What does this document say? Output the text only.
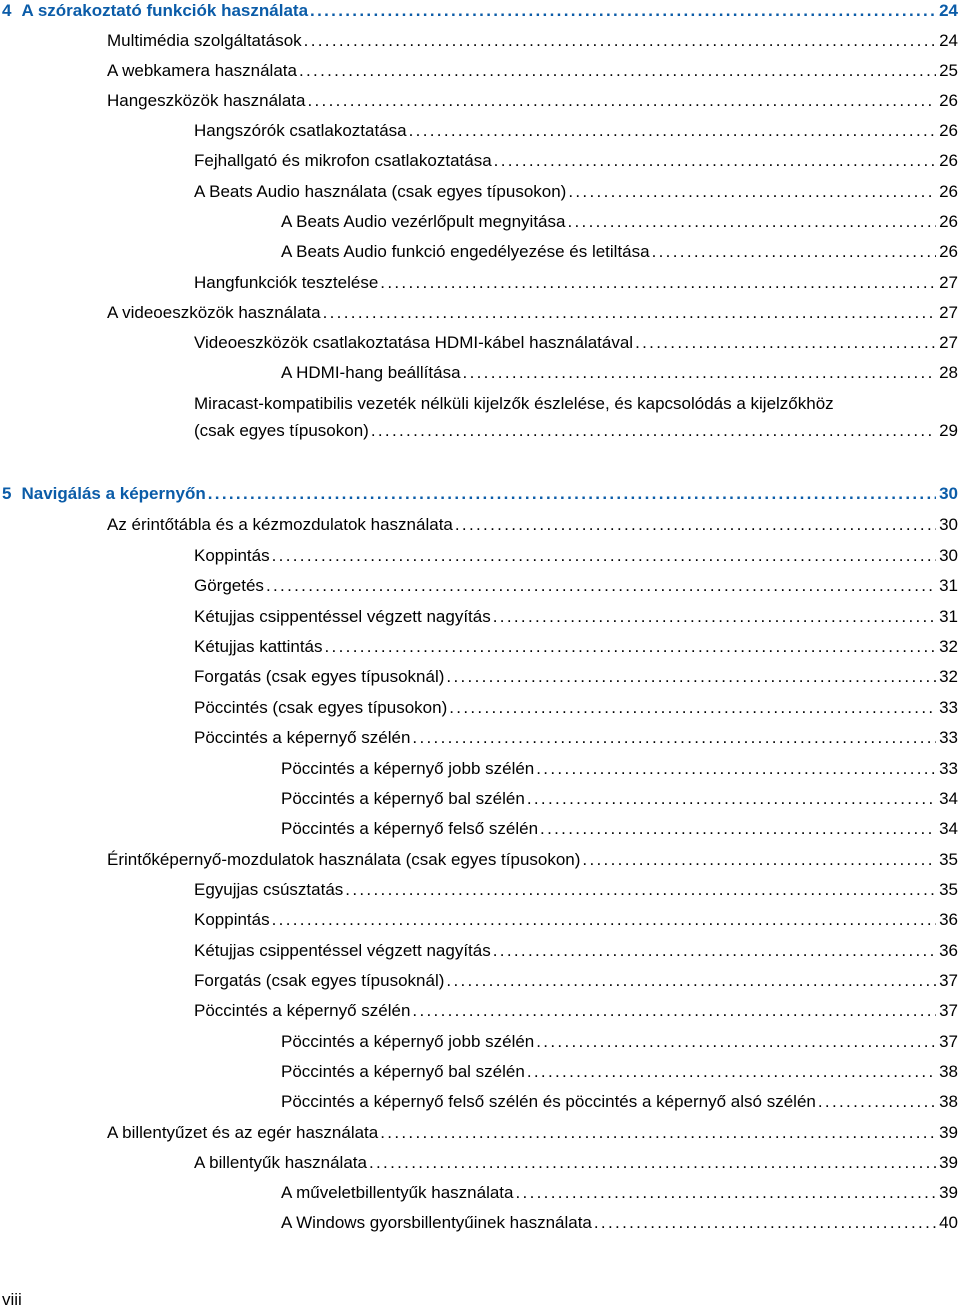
4 A szórakoztató funkciók használata . . .	24
Multimédia szolgáltatások . . .	24
A webkamera használata . . .	25
Hangeszközök használata . . .	26
Hangszórók csatlakoztatása . . .	26
Fejhallgató és mikrofon csatlakoztatása . . .	26
A Beats Audio használata (csak egyes típusokon) . . .	26
A Beats Audio vezérlőpult megnyitása . . .	26
A Beats Audio funkció engedélyezése és letiltása . . .	26
Hangfunkciók tesztelése . . .	27
A videoeszközök használata . . .	27
Videoeszközök csatlakoztatása HDMI-kábel használatával . . .	27
A HDMI-hang beállítása . . .	28
Miracast-kompatibilis vezeték nélküli kijelzők észlelése, és kapcsolódás a kijelzőkhöz
(csak egyes típusokon) . . .	29
5 Navigálás a képernyőn . . .	30
Az érintőtábla és a kézmozdulatok használata . . .	30
Koppintás . . .	30
Görgetés . . .	31
Kétujjas csippentéssel végzett nagyítás . . .	31
Kétujjas kattintás . . .	32
Forgatás (csak egyes típusoknál) . . .	32
Pöccintés (csak egyes típusokon) . . .	33
Pöccintés a képernyő szélén . . .	33
Pöccintés a képernyő jobb szélén . . .	33
Pöccintés a képernyő bal szélén . . .	34
Pöccintés a képernyő felső szélén . . .	34
Érintőképernyő-mozdulatok használata (csak egyes típusokon) . . .	35
Egyujjas csúsztatás . . .	35
Koppintás . . .	36
Kétujjas csippentéssel végzett nagyítás . . .	36
Forgatás (csak egyes típusoknál) . . .	37
Pöccintés a képernyő szélén . . .	37
Pöccintés a képernyő jobb szélén . . .	37
Pöccintés a képernyő bal szélén . . .	38
Pöccintés a képernyő felső szélén és pöccintés a képernyő alsó szélén . . .	38
A billentyűzet és az egér használata . . .	39
A billentyűk használata . . .	39
A műveletbillentyűk használata . . .	39
A Windows gyorsbillentyűinek használata . . .	40
viii
